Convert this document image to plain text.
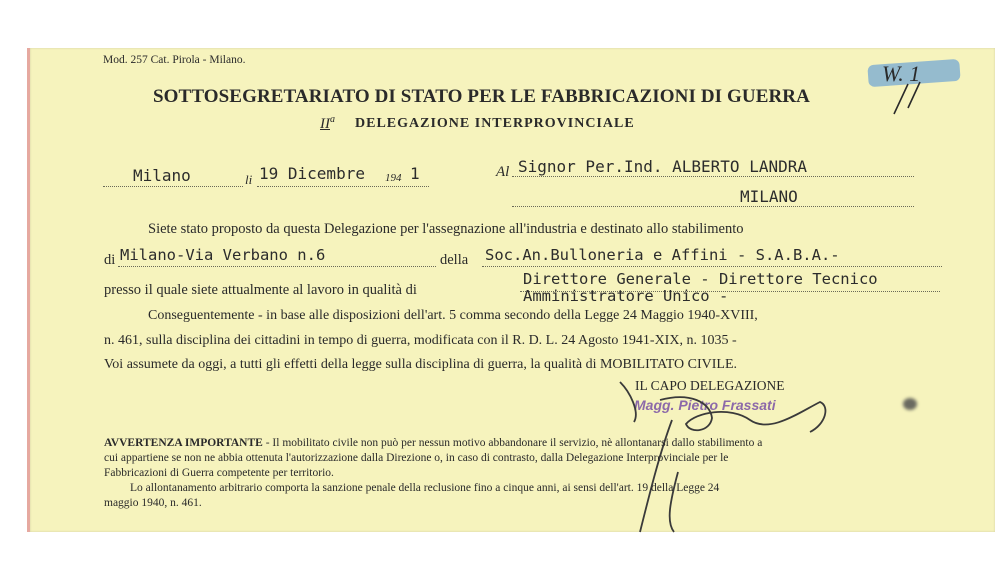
Mod. 257 Cat. Pirola - Milano.
W. 1
SOTTOSEGRETARIATO DI STATO PER LE FABBRICAZIONI DI GUERRA
$II^a$ DELEGAZIONE INTERPROVINCIALE
Milano	li 19 Dicembre 194 1	Al Signor Per.Ind. ALBERTO LANDRA
MILANO
Siete stato proposto da questa Delegazione per l'assegnazione all'industria e destinato allo stabilimento
di Milano-Via Verbano n.6	della Soc.An.Bulloneria e Affini - S.A.B.A.-
presso il quale siete attualmente al lavoro in qualità di
Direttore Generale - Direttore Tecnico
Amministratore Unico -
Conseguentemente - in base alle disposizioni dell'art. 5 comma secondo della Legge 24 Maggio 1940-XVIII,
n. 461, sulla disciplina dei cittadini in tempo di guerra, modificata con il R. D. L. 24 Agosto 1941-XIX, n. 1035 -
Voi assumete da oggi, a tutti gli effetti della legge sulla disciplina di guerra, la qualità di MOBILITATO CIVILE.
IL CAPO DELEGAZIONE
Magg. Pietro Frassati
AVVERTENZA IMPORTANTE - Il mobilitato civile non può per nessun motivo abbandonare il servizio, nè allontanarsi dallo stabilimento a
cui appartiene se non ne abbia ottenuta l'autorizzazione dalla Direzione o, in caso di contrasto, dalla Delegazione Interprovinciale per le
Fabbricazioni di Guerra competente per territorio.
Lo allontanamento arbitrario comporta la sanzione penale della reclusione fino a cinque anni, ai sensi dell'art. 19 della Legge 24
maggio 1940, n. 461.
